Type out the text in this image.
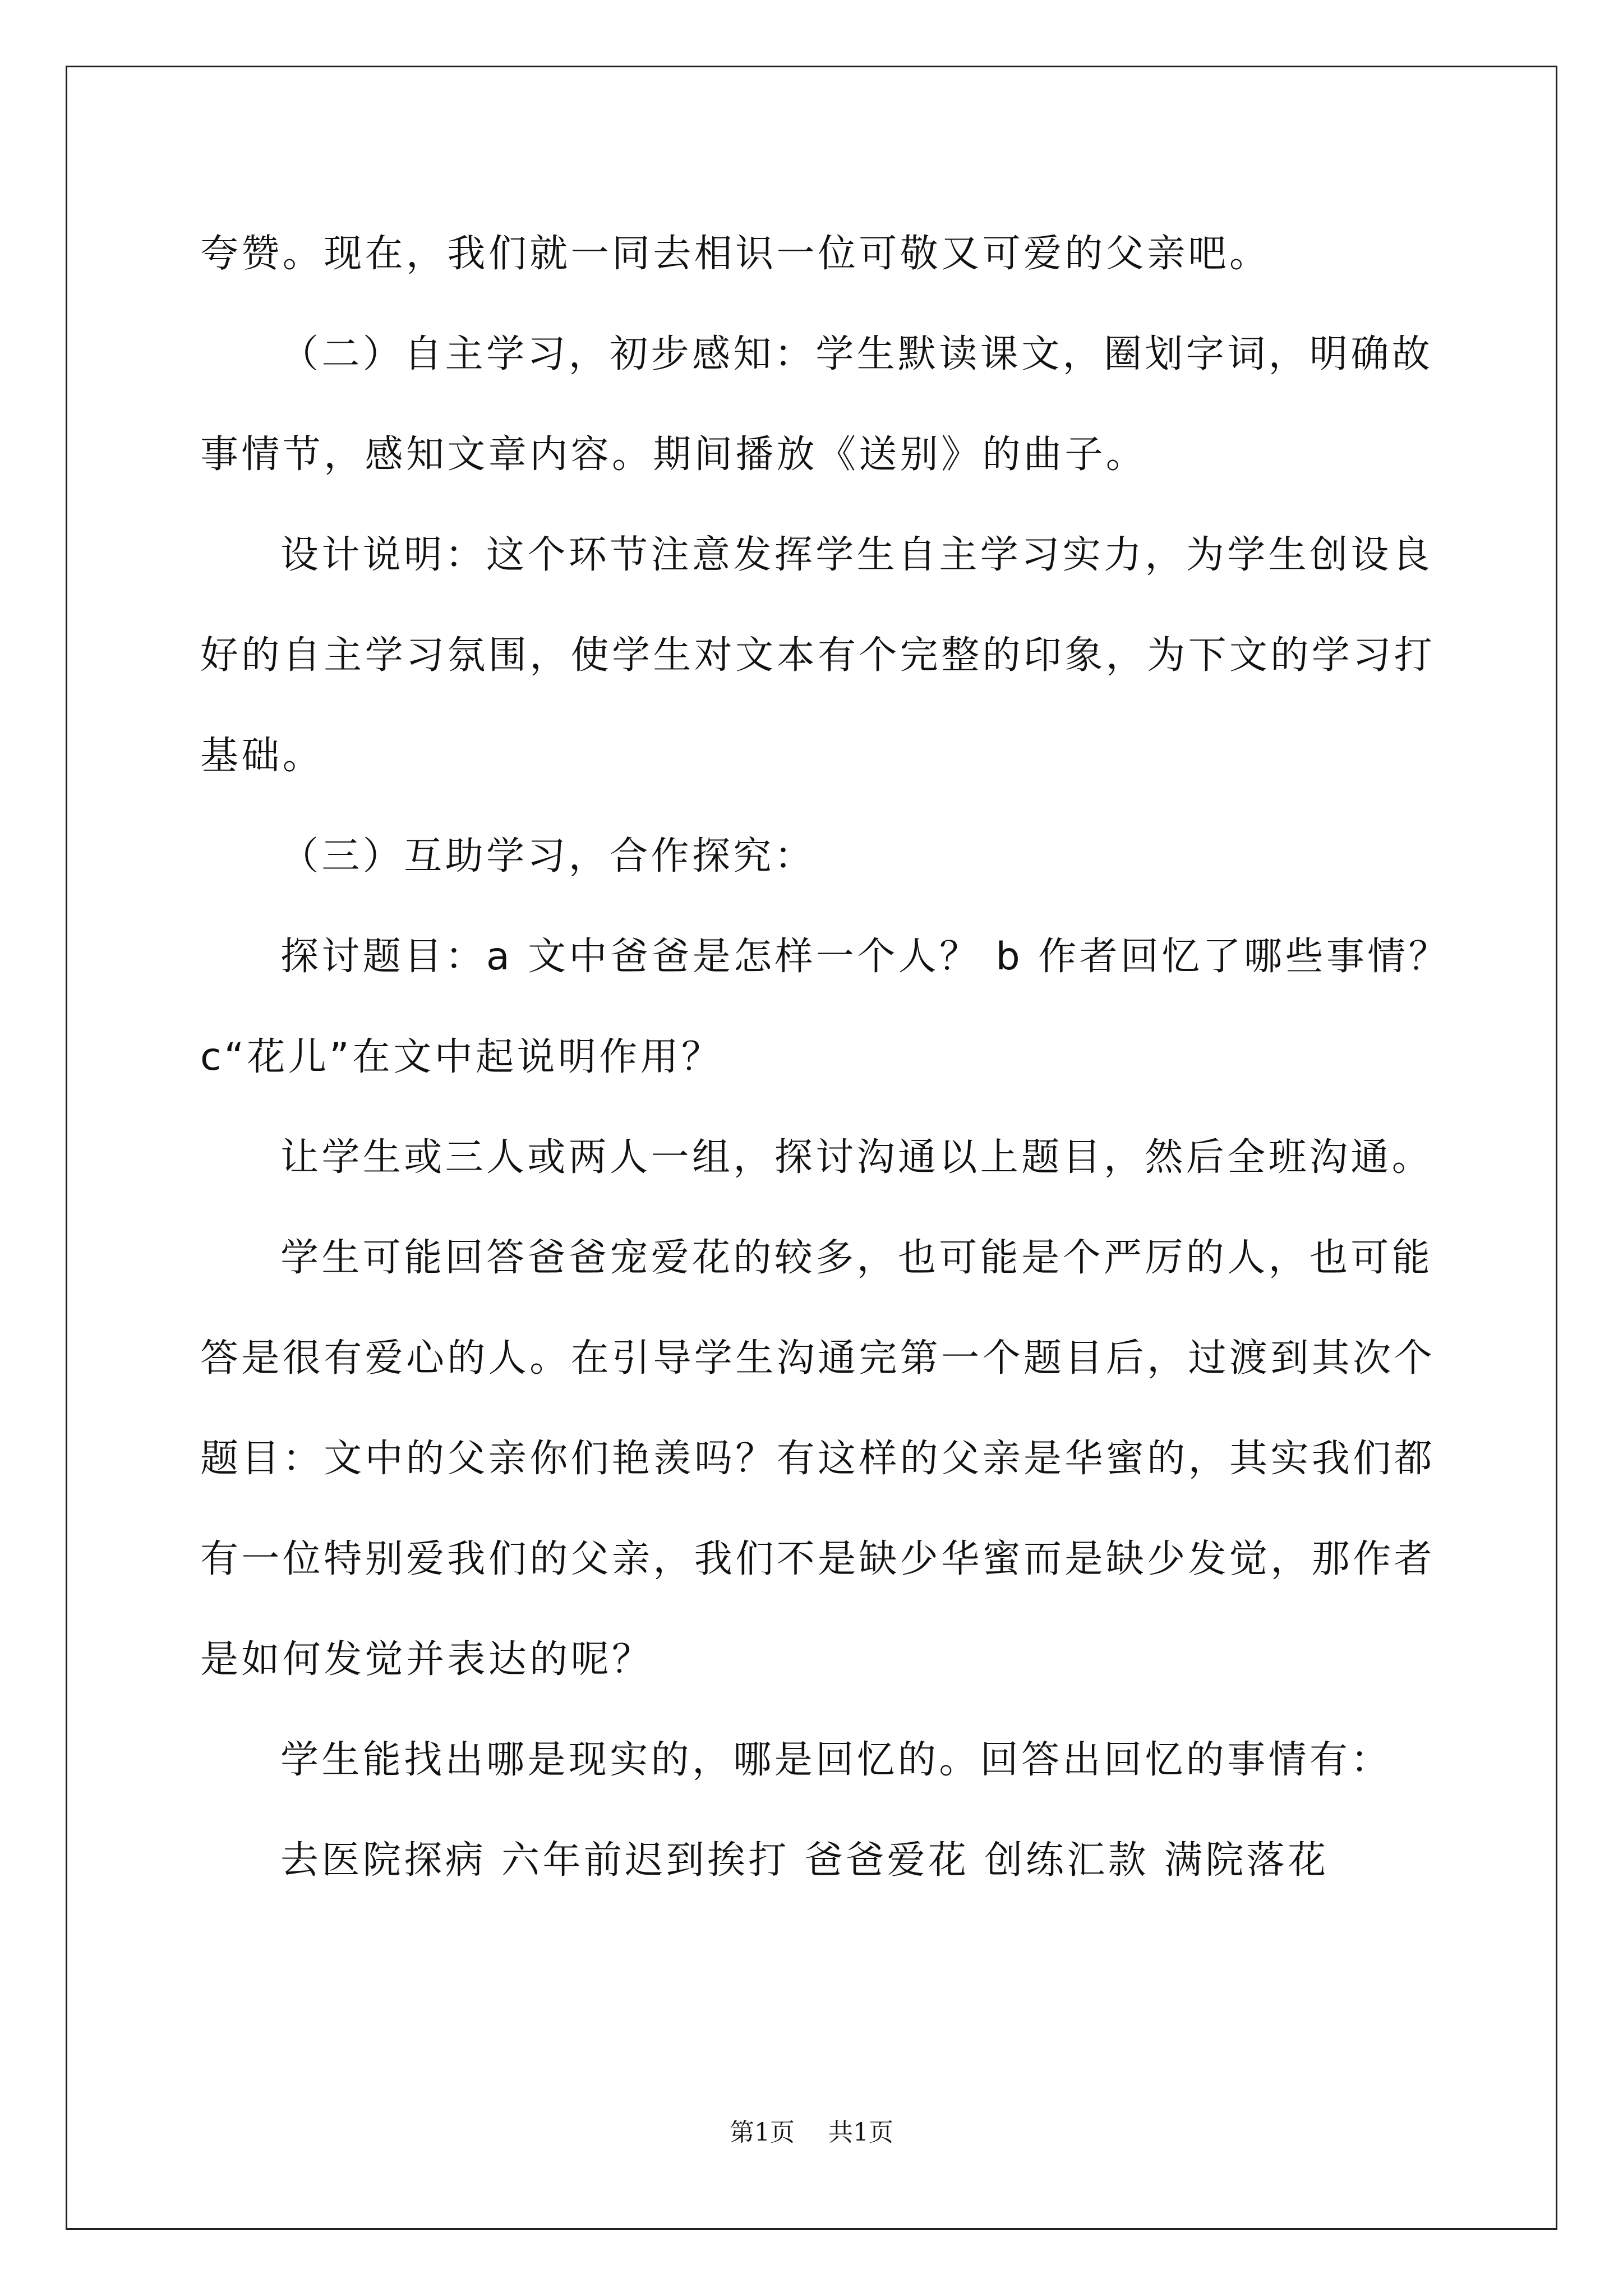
夸赞。现在，我们就一同去相识一位可敬又可爱的父亲吧。

（二）自主学习，初步感知：学生默读课文，圈划字词，明确故

事情节，感知文章内容。期间播放《送别》的曲子。

设计说明：这个环节注意发挥学生自主学习实力，为学生创设良

好的自主学习氛围，使学生对文本有个完整的印象，为下文的学习打

基础。

（三）互助学习，合作探究：

探讨题目：a 文中爸爸是怎样一个人？ b 作者回忆了哪些事情？

c“花儿”在文中起说明作用？

让学生或三人或两人一组，探讨沟通以上题目，然后全班沟通。

学生可能回答爸爸宠爱花的较多，也可能是个严厉的人，也可能

答是很有爱心的人。在引导学生沟通完第一个题目后，过渡到其次个

题目：文中的父亲你们艳羡吗？有这样的父亲是华蜜的，其实我们都

有一位特别爱我们的父亲，我们不是缺少华蜜而是缺少发觉，那作者

是如何发觉并表达的呢？

学生能找出哪是现实的，哪是回忆的。回答出回忆的事情有：

去医院探病 六年前迟到挨打 爸爸爱花 创练汇款 满院落花

第1页 共1页
